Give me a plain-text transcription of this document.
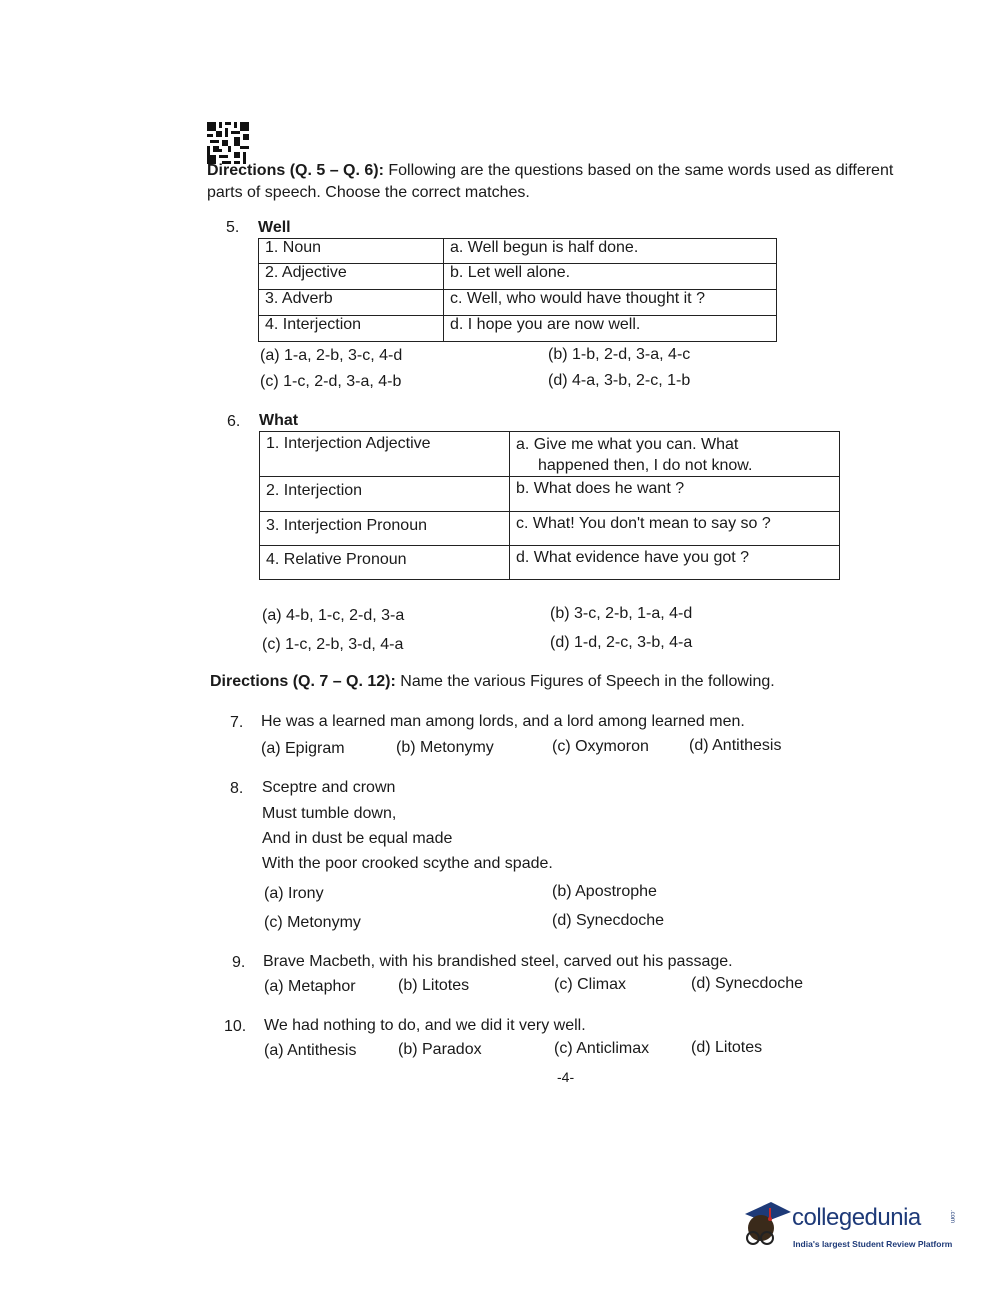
Directions (Q. 5 – Q. 6): Following are the questions based on the same words used as different parts of speech. Choose the correct matches.
5. Well
1. Noun	a. Well begun is half done.
2. Adjective	b. Let well alone.
3. Adverb	c. Well, who would have thought it ?
4. Interjection	d. I hope you are now well.
(a) 1-a, 2-b, 3-c, 4-d	(b) 1-b, 2-d, 3-a, 4-c
(c) 1-c, 2-d, 3-a, 4-b	(d) 4-a, 3-b, 2-c, 1-b
6. What
1. Interjection Adjective	a. Give me what you can. What
happened then, I do not know.

2. Interjection	b. What does he want ?
3. Interjection Pronoun	c. What! You don't mean to say so ?
4. Relative Pronoun	d. What evidence have you got ?
(a) 4-b, 1-c, 2-d, 3-a	(b) 3-c, 2-b, 1-a, 4-d
(c) 1-c, 2-b, 3-d, 4-a	(d) 1-d, 2-c, 3-b, 4-a
Directions (Q. 7 – Q. 12): Name the various Figures of Speech in the following.
7. He was a learned man among lords, and a lord among learned men.
(a) Epigram	(b) Metonymy	(c) Oxymoron	(d) Antithesis
8. Sceptre and crown
Must tumble down,
And in dust be equal made
With the poor crooked scythe and spade.
(a) Irony	(b) Apostrophe
(c) Metonymy	(d) Synecdoche
9. Brave Macbeth, with his brandished steel, carved out his passage.
(a) Metaphor	(b) Litotes	(c) Climax	(d) Synecdoche
10. We had nothing to do, and we did it very well.
(a) Antithesis	(b) Paradox	(c) Anticlimax	(d) Litotes
-4-
collegedunia	.com
India's largest Student Review Platform
